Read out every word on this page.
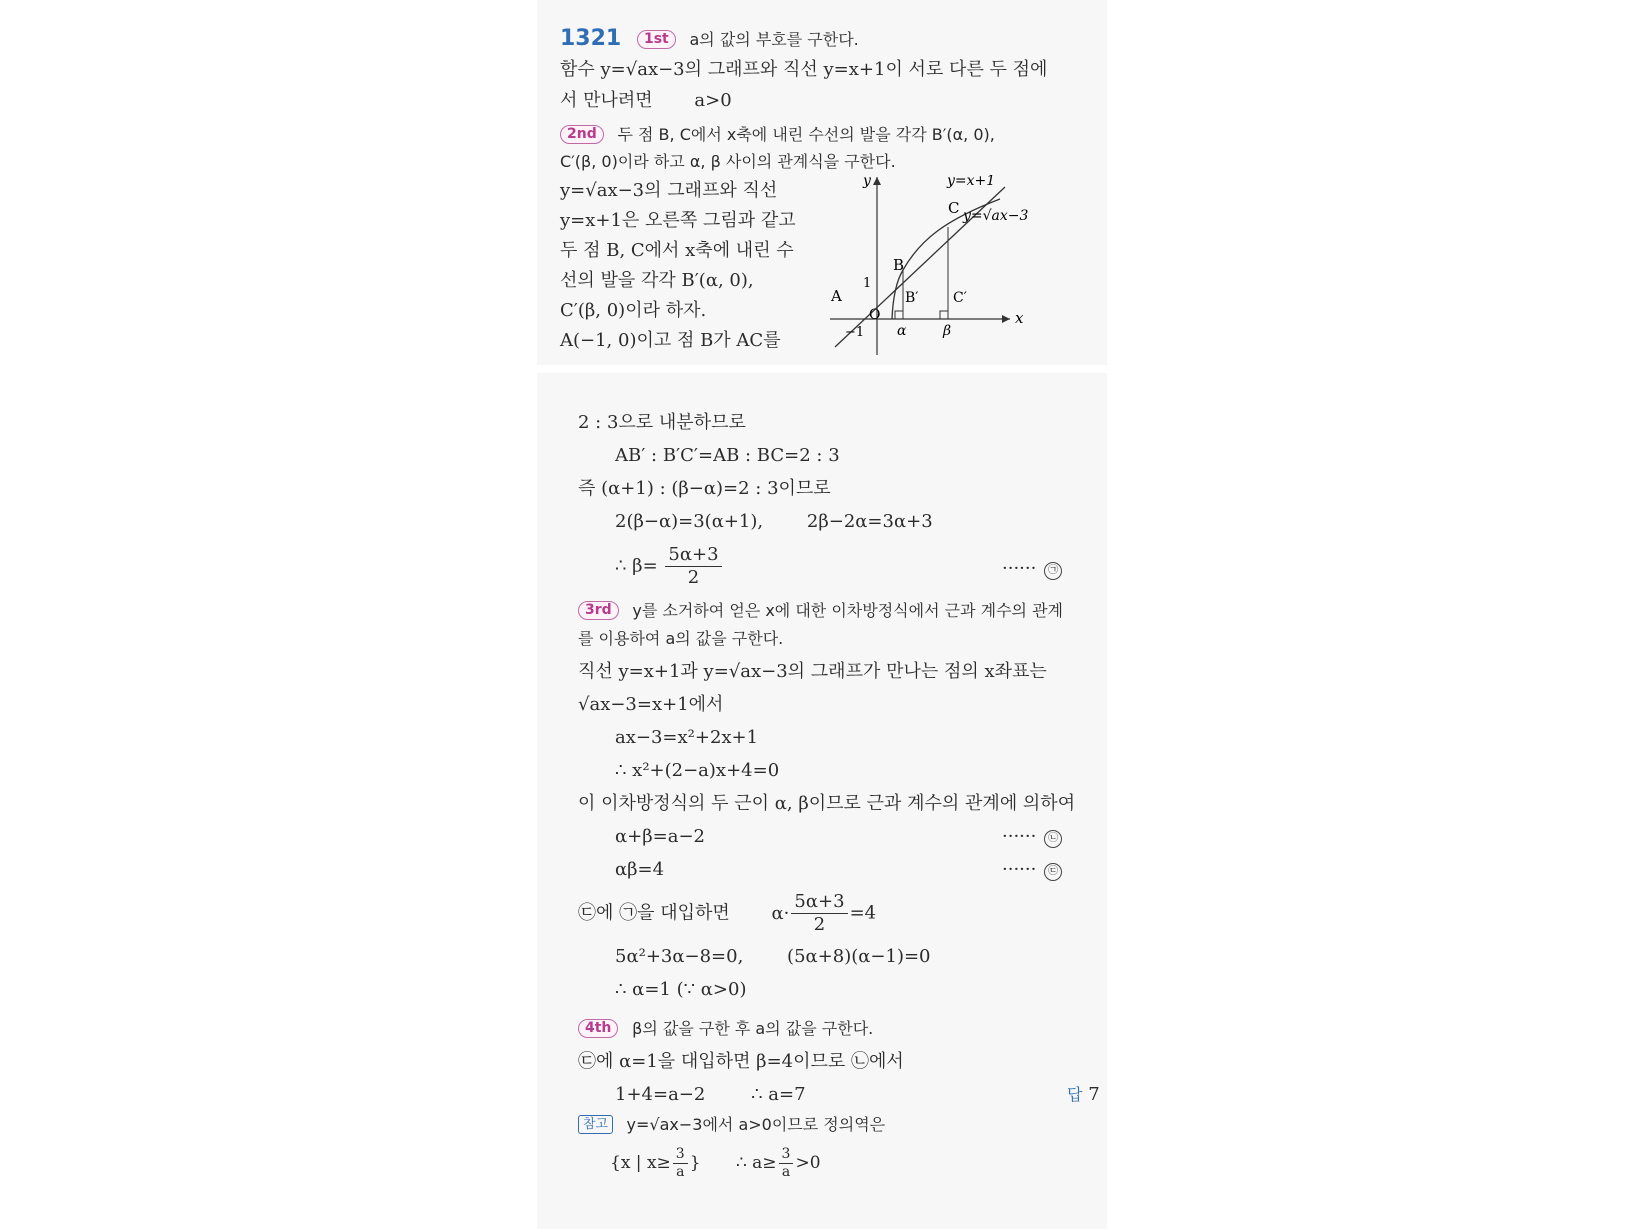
1321 1st a의 값의 부호를 구한다.
함수 y=√ax−3의 그래프와 직선 y=x+1이 서로 다른 두 점에
서 만나려면 a>0
2nd 두 점 B, C에서 x축에 내린 수선의 발을 각각 B′(α, 0),
C′(β, 0)이라 하고 α, β 사이의 관계식을 구한다.
y=√ax−3의 그래프와 직선
y=x+1은 오른쪽 그림과 같고
두 점 B, C에서 x축에 내린 수
선의 발을 각각 B′(α, 0),
C′(β, 0)이라 하자.
A(−1, 0)이고 점 B가 AC를
y
x
y=x+1
y=√ax−3
C
B
A
1
O
B′ C′
−1 α	β
2 : 3으로 내분하므로
AB′ : B′C′=AB : BC=2 : 3
즉 (α+1) : (β−α)=2 : 3이므로
2(β−α)=3(α+1), 2β−2α=3α+3
∴ $\beta= \frac{5\alpha+3}{2}$	······ ㉠
3rd y를 소거하여 얻은 x에 대한 이차방정식에서 근과 계수의 관계
를 이용하여 a의 값을 구한다.
직선 y=x+1과 y=√ax−3의 그래프가 만나는 점의 x좌표는
√ax−3=x+1에서
ax−3=x²+2x+1
∴ x²+(2−a)x+4=0
이 이차방정식의 두 근이 α, β이므로 근과 계수의 관계에 의하여
α+β=a−2	······ ㉡
αβ=4	······ ㉢
㉢에 ㉠을 대입하면 $\alpha\cdot \frac{5\alpha+3}{2} =4$
5α²+3α−8=0, (5α+8)(α−1)=0
∴ α=1 (∵ α>0)
4th β의 값을 구한 후 a의 값을 구한다.
㉢에 α=1을 대입하면 β=4이므로 ㉡에서
1+4=a−2	∴ a=7	답 7
참고 y=√ax−3에서 a>0이므로 정의역은
{x | $x\ge \frac{3}{a}$ } ∴ $a\ge \frac{3}{a} >0$
